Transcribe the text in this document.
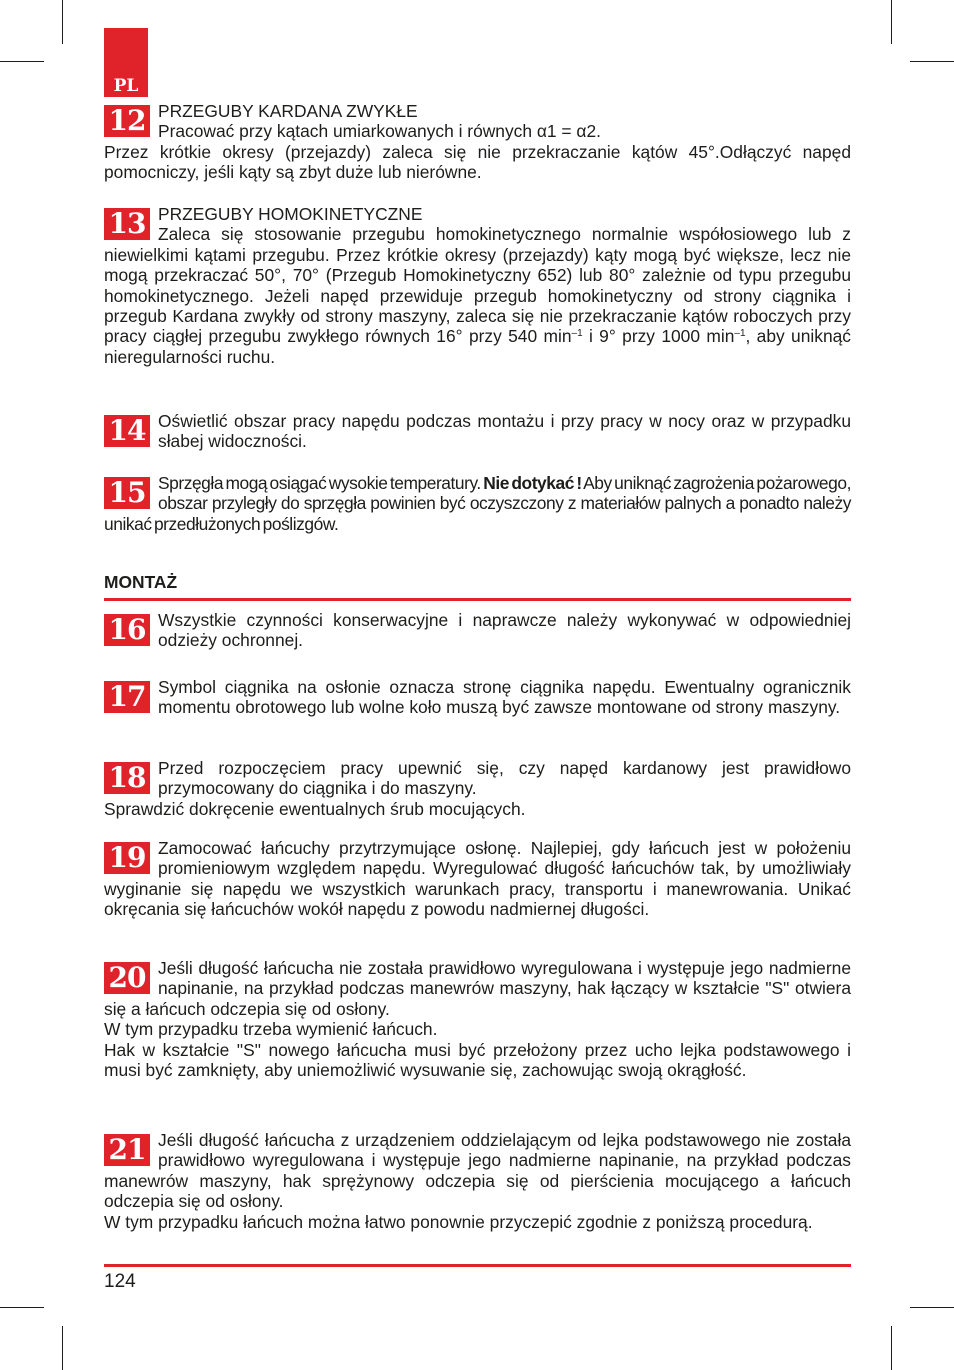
PL
12 PRZEGUBY KARDANA ZWYKŁE

Pracować przy kątach umiarkowanych i równych α1 = α2.

Przez krótkie okresy (przejazdy) zaleca się nie przekraczanie kątów 45°.Odłączyć napęd pomocniczy, jeśli kąty są zbyt duże lub nierówne.

13 PRZEGUBY HOMOKINETYCZNE

Zaleca się stosowanie przegubu homokinetycznego normalnie współosiowego lub z niewielkimi kątami przegubu. Przez krótkie okresy (przejazdy) kąty mogą być większe, lecz nie mogą przekraczać 50°, 70° (Przegub Homokinetyczny 652) lub 80° zależnie od typu przegubu homokinetycznego. Jeżeli napęd przewiduje przegub homokinetyczny od strony ciągnika i przegub Kardana zwykły od strony maszyny, zaleca się nie przekraczanie kątów roboczych przy pracy ciągłej przegubu zwykłego równych 16° przy 540 $\min^{-1} i$ 9° przy 1000 $\min^{-1}$, aby uniknąć nieregularności ruchu.

14 Oświetlić obszar pracy napędu podczas montażu i przy pracy w nocy oraz w przypadku słabej widoczności.

15 Sprzęgła mogą osiągać wysokie temperatury. Nie dotykać ! Aby uniknąć zagrożenia pożarowego, obszar przyległy do sprzęgła powinien być oczyszczony z materiałów palnych a ponadto należy unikać przedłużonych poślizgów.

MONTAŻ
16 Wszystkie czynności konserwacyjne i naprawcze należy wykonywać w odpowiedniej odzieży ochronnej.

17 Symbol ciągnika na osłonie oznacza stronę ciągnika napędu. Ewentualny ogranicznik momentu obrotowego lub wolne koło muszą być zawsze montowane od strony maszyny.

18 Przed rozpoczęciem pracy upewnić się, czy napęd kardanowy jest prawidłowo przymocowany do ciągnika i do maszyny.

Sprawdzić dokręcenie ewentualnych śrub mocujących.

19 Zamocować łańcuchy przytrzymujące osłonę. Najlepiej, gdy łańcuch jest w położeniu promieniowym względem napędu. Wyregulować długość łańcuchów tak, by umożliwiały wyginanie się napędu we wszystkich warunkach pracy, transportu i manewrowania. Unikać okręcania się łańcuchów wokół napędu z powodu nadmiernej długości.

20 Jeśli długość łańcucha nie została prawidłowo wyregulowana i występuje jego nadmierne napinanie, na przykład podczas manewrów maszyny, hak łączący w kształcie "S" otwiera się a łańcuch odczepia się od osłony.

W tym przypadku trzeba wymienić łańcuch.

Hak w kształcie "S" nowego łańcucha musi być przełożony przez ucho lejka podstawowego i musi być zamknięty, aby uniemożliwić wysuwanie się, zachowując swoją okrągłość.

21 Jeśli długość łańcucha z urządzeniem oddzielającym od lejka podstawowego nie została prawidłowo wyregulowana i występuje jego nadmierne napinanie, na przykład podczas manewrów maszyny, hak sprężynowy odczepia się od pierścienia mocującego a łańcuch odczepia się od osłony.

W tym przypadku łańcuch można łatwo ponownie przyczepić zgodnie z poniższą procedurą.

124
